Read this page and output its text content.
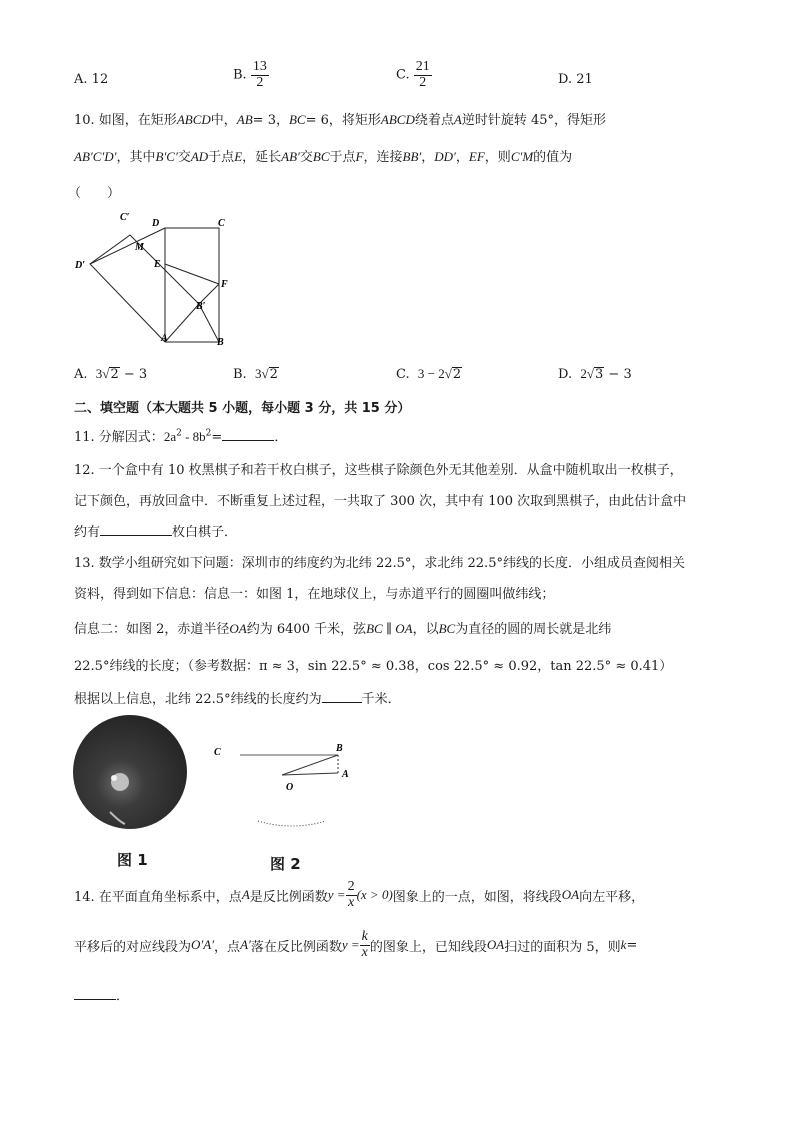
A. 12	B. $\frac{13}{2}$	C. $\frac{21}{2}$	D. 21
10. 如图，在矩形ABCD中，AB= 3，BC= 6，将矩形ABCD绕着点A逆时针旋转 45°，得矩形
AB′C′D′，其中B′C′交AD于点E，延长AB′交BC于点F，连接BB′，DD′，EF，则C′M的值为
（　　）
C′
D	C
M
D′	E
F
B′
A	B
A. 3√2 − 3	B. 3√2	C. 3 − 2√2	D. 2√3 − 3
二、填空题（本大题共 5 小题，每小题 3 分，共 15 分）
11. 分解因式：$2a^2 - 8b^2=$	．
12. 一个盒中有 10 枚黑棋子和若干枚白棋子，这些棋子除颜色外无其他差别．从盒中随机取出一枚棋子，
记下颜色，再放回盒中．不断重复上述过程，一共取了 300 次，其中有 100 次取到黑棋子，由此估计盒中
约有	枚白棋子．
13. 数学小组研究如下问题：深圳市的纬度约为北纬 22.5°，求北纬 22.5°纬线的长度．小组成员查阅相关
资料，得到如下信息：信息一：如图 1，在地球仪上，与赤道平行的圆圈叫做纬线；
信息二：如图 2，赤道半径OA约为 6400 千米，弦BC ∥ OA，以BC为直径的圆的周长就是北纬
22.5°纬线的长度；（参考数据：π ≈ 3，sin 22.5° ≈ 0.38，cos 22.5° ≈ 0.92，tan 22.5° ≈ 0.41）
根据以上信息，北纬 22.5°纬线的长度约为	千米．
图 1
C	B
O
A
图 2
14. 在平面直角坐标系中，点 A 是反比例函数 $y = \frac{2}{x} (x > 0)$ 图象上的一点，如图，将线段 OA 向左平移，
平移后的对应线段为 O′A′ ，点 A′ 落在反比例函数 $y = \frac{k}{x}$ 的图象上，已知线段 OA 扫过的面积为 5，则 k =
．
